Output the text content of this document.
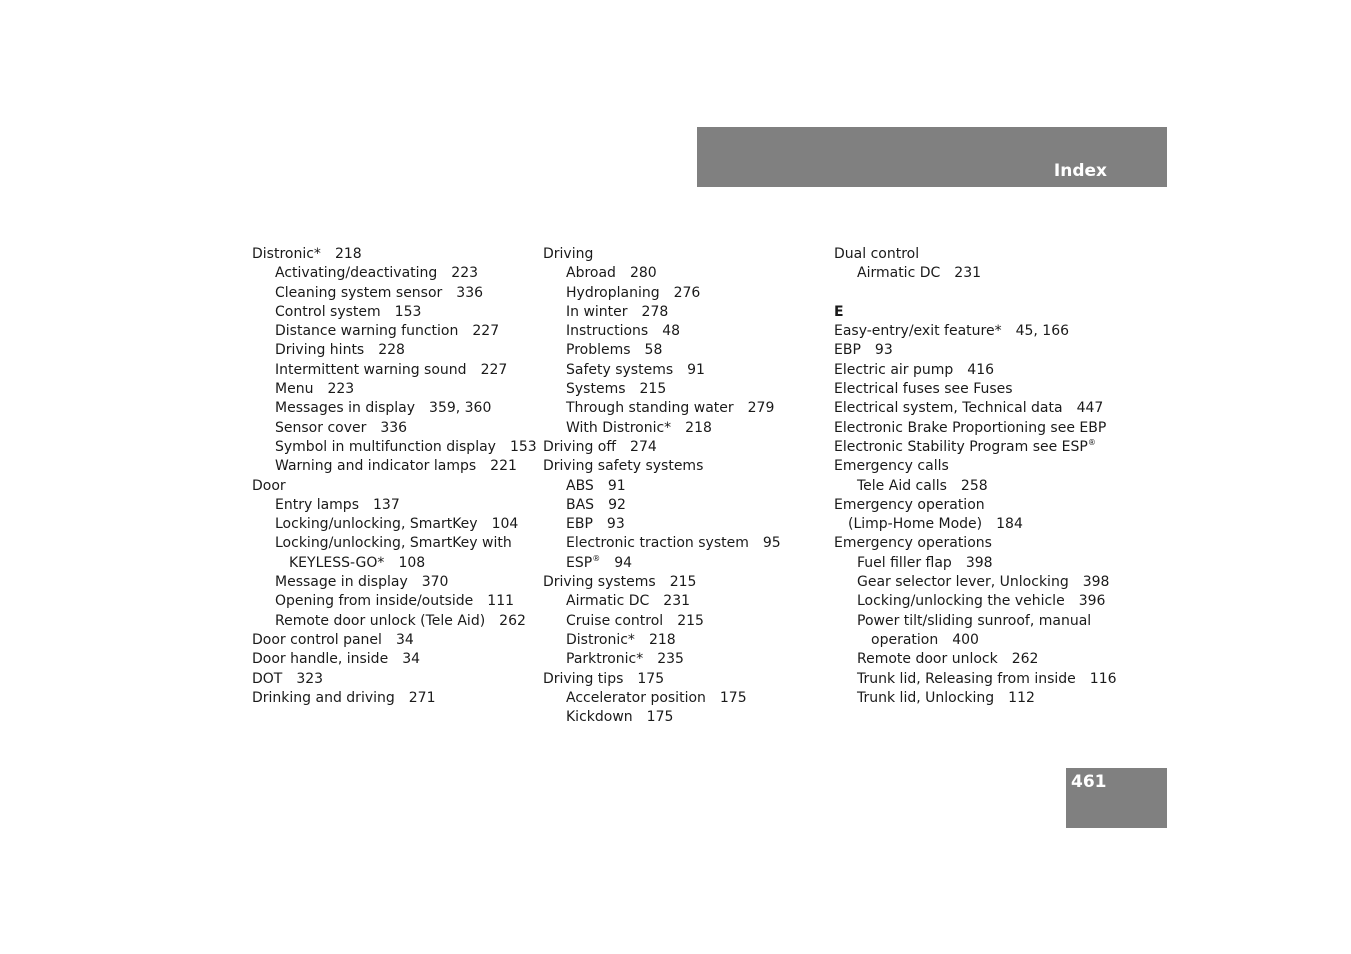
Index
Distronic* 218
Activating/deactivating 223
Cleaning system sensor 336
Control system 153
Distance warning function 227
Driving hints 228
Intermittent warning sound 227
Menu 223
Messages in display 359, 360
Sensor cover 336
Symbol in multifunction display 153
Warning and indicator lamps 221
Door
Entry lamps 137
Locking/unlocking, SmartKey 104
Locking/unlocking, SmartKey with
KEYLESS-GO* 108
Message in display 370
Opening from inside/outside 111
Remote door unlock (Tele Aid) 262
Door control panel 34
Door handle, inside 34
DOT 323
Drinking and driving 271
Driving
Abroad 280
Hydroplaning 276
In winter 278
Instructions 48
Problems 58
Safety systems 91
Systems 215
Through standing water 279
With Distronic* 218
Driving off 274
Driving safety systems
ABS 91
BAS 92
EBP 93
Electronic traction system 95
ESP® 94
Driving systems 215
Airmatic DC 231
Cruise control 215
Distronic* 218
Parktronic* 235
Driving tips 175
Accelerator position 175
Kickdown 175
Dual control
Airmatic DC 231
E
Easy-entry/exit feature* 45, 166
EBP 93
Electric air pump 416
Electrical fuses see Fuses
Electrical system, Technical data 447
Electronic Brake Proportioning see EBP
Electronic Stability Program see ESP®
Emergency calls
Tele Aid calls 258
Emergency operation
(Limp-Home Mode) 184
Emergency operations
Fuel filler flap 398
Gear selector lever, Unlocking 398
Locking/unlocking the vehicle 396
Power tilt/sliding sunroof, manual
operation 400
Remote door unlock 262
Trunk lid, Releasing from inside 116
Trunk lid, Unlocking 112
461
